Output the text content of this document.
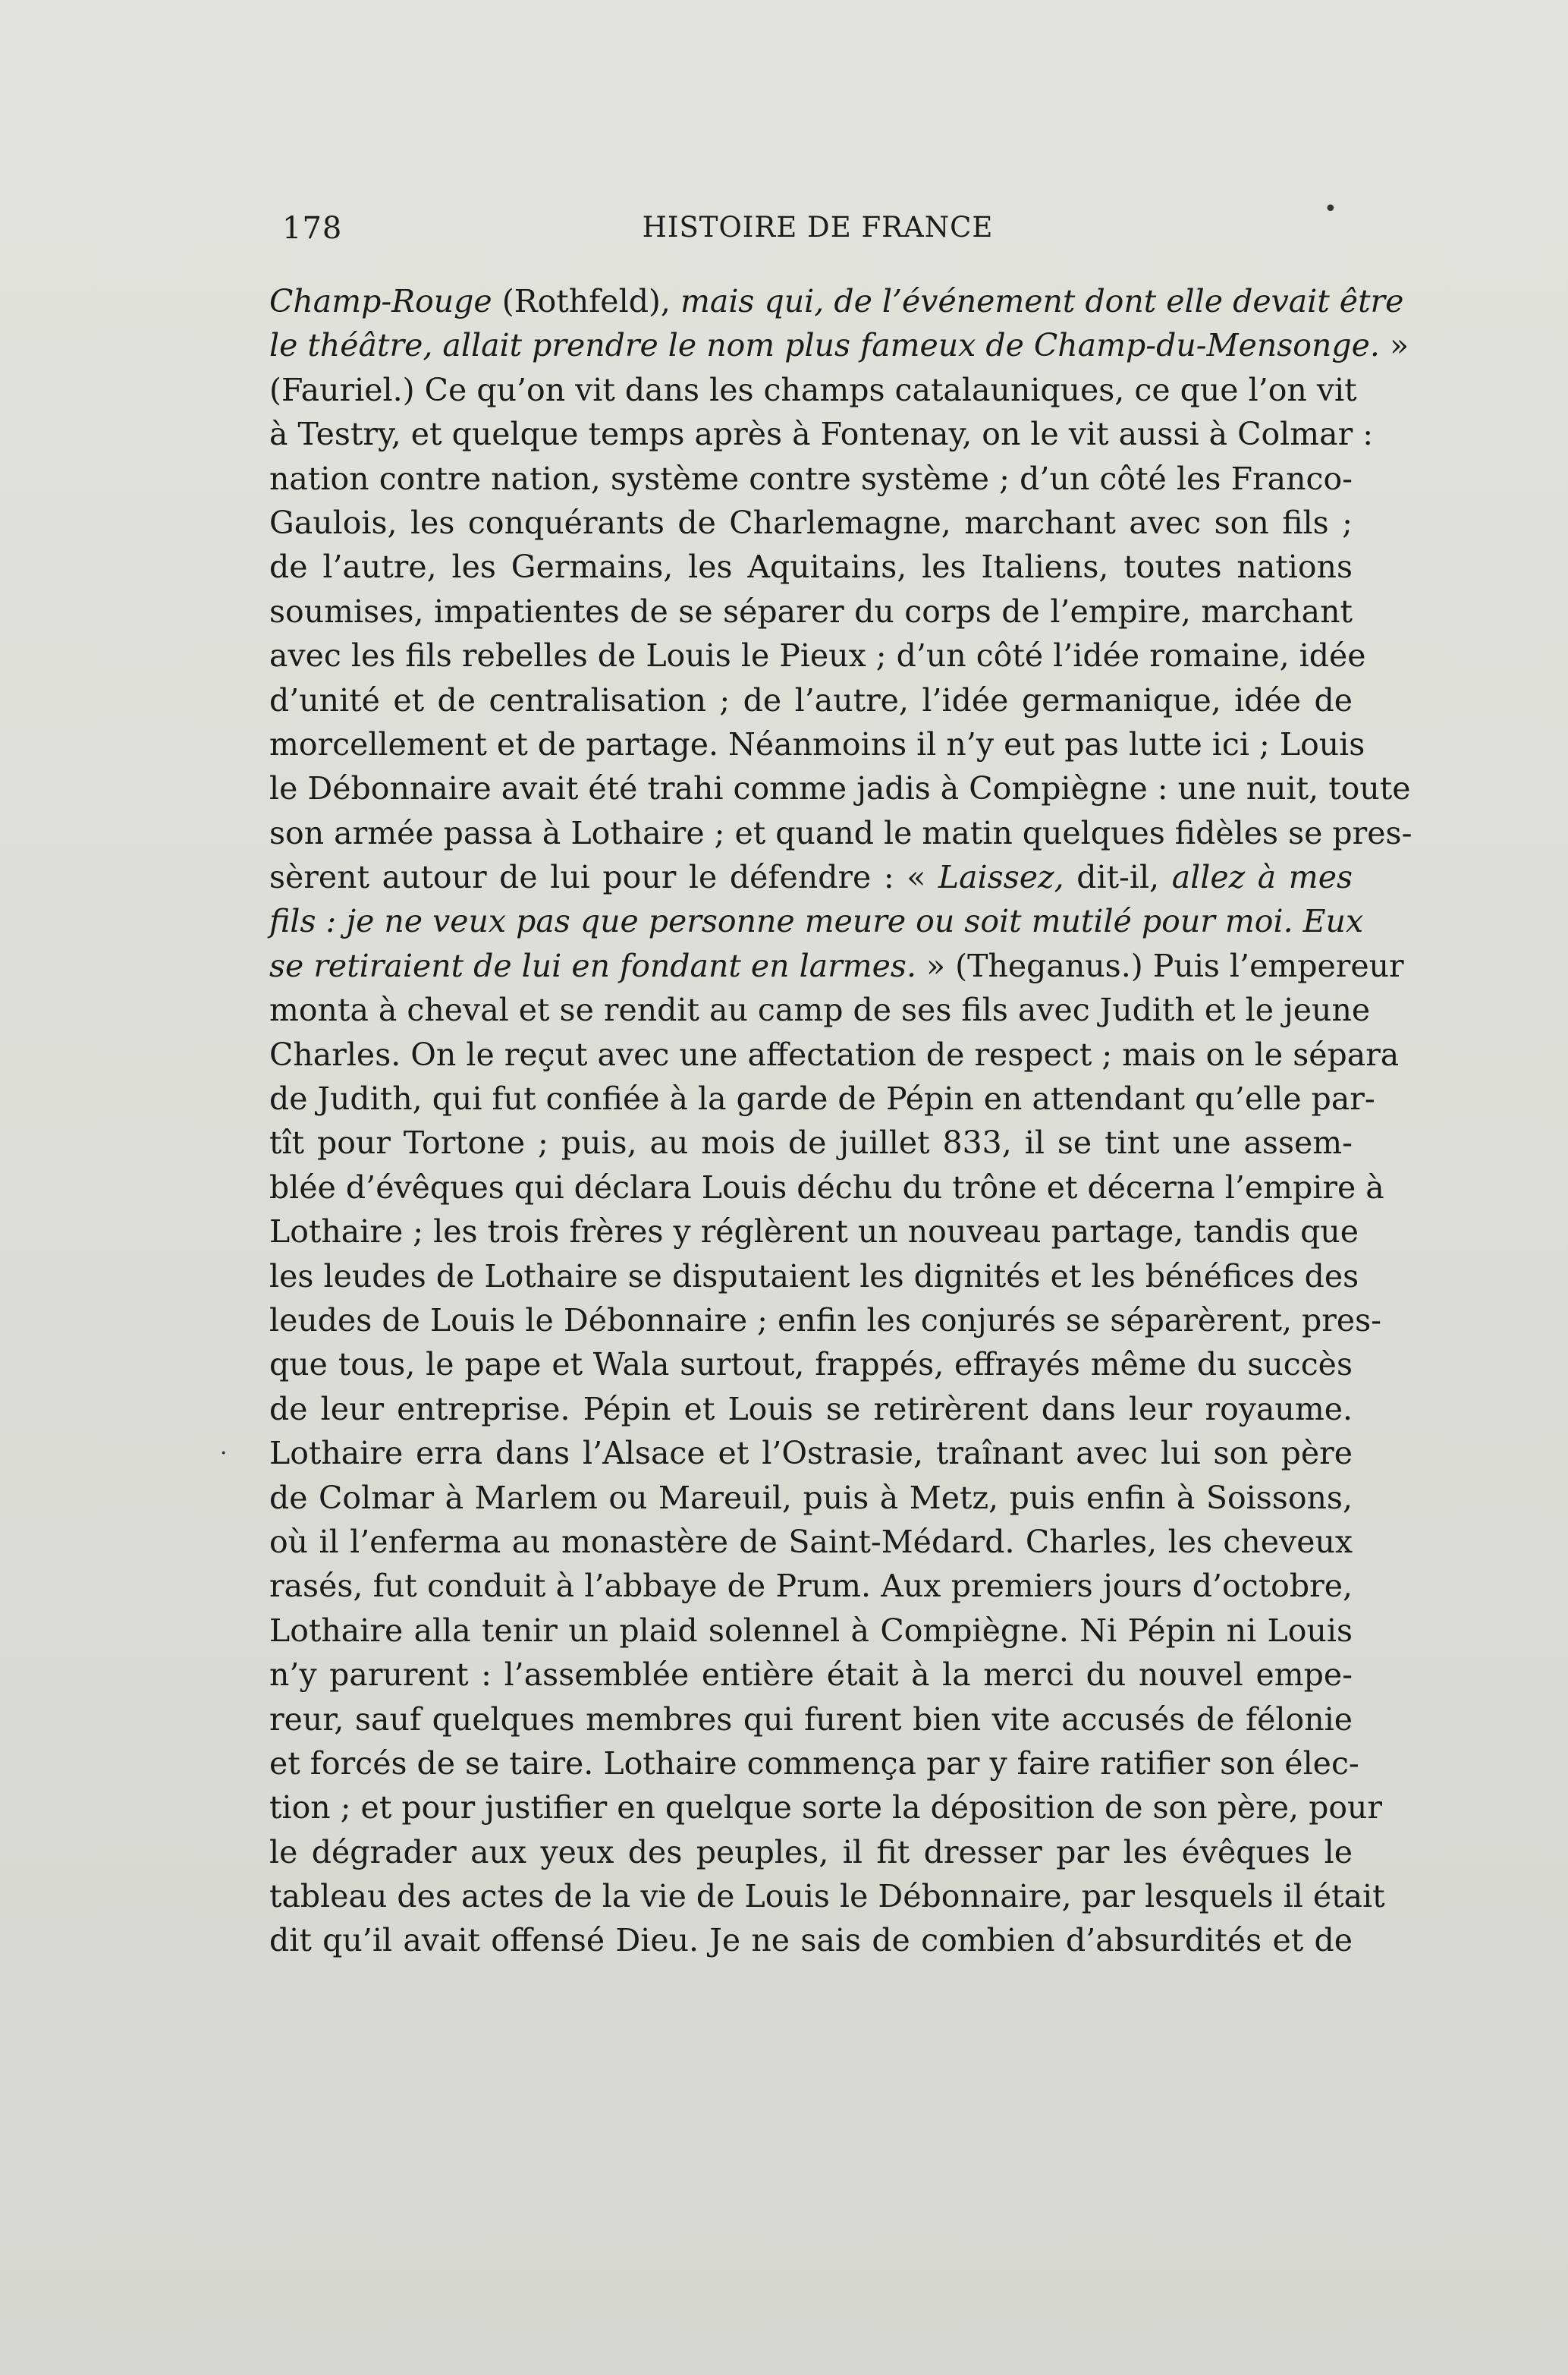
178	HISTOIRE DE FRANCE
•
·
Champ-Rouge (Rothfeld), mais qui, de l’événement dont elle devait être
le théâtre, allait prendre le nom plus fameux de Champ-du-Mensonge. »
(Fauriel.) Ce qu’on vit dans les champs catalauniques, ce que l’on vit
à Testry, et quelque temps après à Fontenay, on le vit aussi à Colmar :
nation contre nation, système contre système ; d’un côté les Franco-
Gaulois, les conquérants de Charlemagne, marchant avec son fils ;
de l’autre, les Germains, les Aquitains, les Italiens, toutes nations
soumises, impatientes de se séparer du corps de l’empire, marchant
avec les fils rebelles de Louis le Pieux ; d’un côté l’idée romaine, idée
d’unité et de centralisation ; de l’autre, l’idée germanique, idée de
morcellement et de partage. Néanmoins il n’y eut pas lutte ici ; Louis
le Débonnaire avait été trahi comme jadis à Compiègne : une nuit, toute
son armée passa à Lothaire ; et quand le matin quelques fidèles se pres-
sèrent autour de lui pour le défendre : « Laissez, dit-il, allez à mes
fils : je ne veux pas que personne meure ou soit mutilé pour moi. Eux
se retiraient de lui en fondant en larmes. » (Theganus.) Puis l’empereur
monta à cheval et se rendit au camp de ses fils avec Judith et le jeune
Charles. On le reçut avec une affectation de respect ; mais on le sépara
de Judith, qui fut confiée à la garde de Pépin en attendant qu’elle par-
tît pour Tortone ; puis, au mois de juillet 833, il se tint une assem-
blée d’évêques qui déclara Louis déchu du trône et décerna l’empire à
Lothaire ; les trois frères y réglèrent un nouveau partage, tandis que
les leudes de Lothaire se disputaient les dignités et les bénéfices des
leudes de Louis le Débonnaire ; enfin les conjurés se séparèrent, pres-
que tous, le pape et Wala surtout, frappés, effrayés même du succès
de leur entreprise. Pépin et Louis se retirèrent dans leur royaume.
Lothaire erra dans l’Alsace et l’Ostrasie, traînant avec lui son père
de Colmar à Marlem ou Mareuil, puis à Metz, puis enfin à Soissons,
où il l’enferma au monastère de Saint-Médard. Charles, les cheveux
rasés, fut conduit à l’abbaye de Prum. Aux premiers jours d’octobre,
Lothaire alla tenir un plaid solennel à Compiègne. Ni Pépin ni Louis
n’y parurent : l’assemblée entière était à la merci du nouvel empe-
reur, sauf quelques membres qui furent bien vite accusés de félonie
et forcés de se taire. Lothaire commença par y faire ratifier son élec-
tion ; et pour justifier en quelque sorte la déposition de son père, pour
le dégrader aux yeux des peuples, il fit dresser par les évêques le
tableau des actes de la vie de Louis le Débonnaire, par lesquels il était
dit qu’il avait offensé Dieu. Je ne sais de combien d’absurdités et de
